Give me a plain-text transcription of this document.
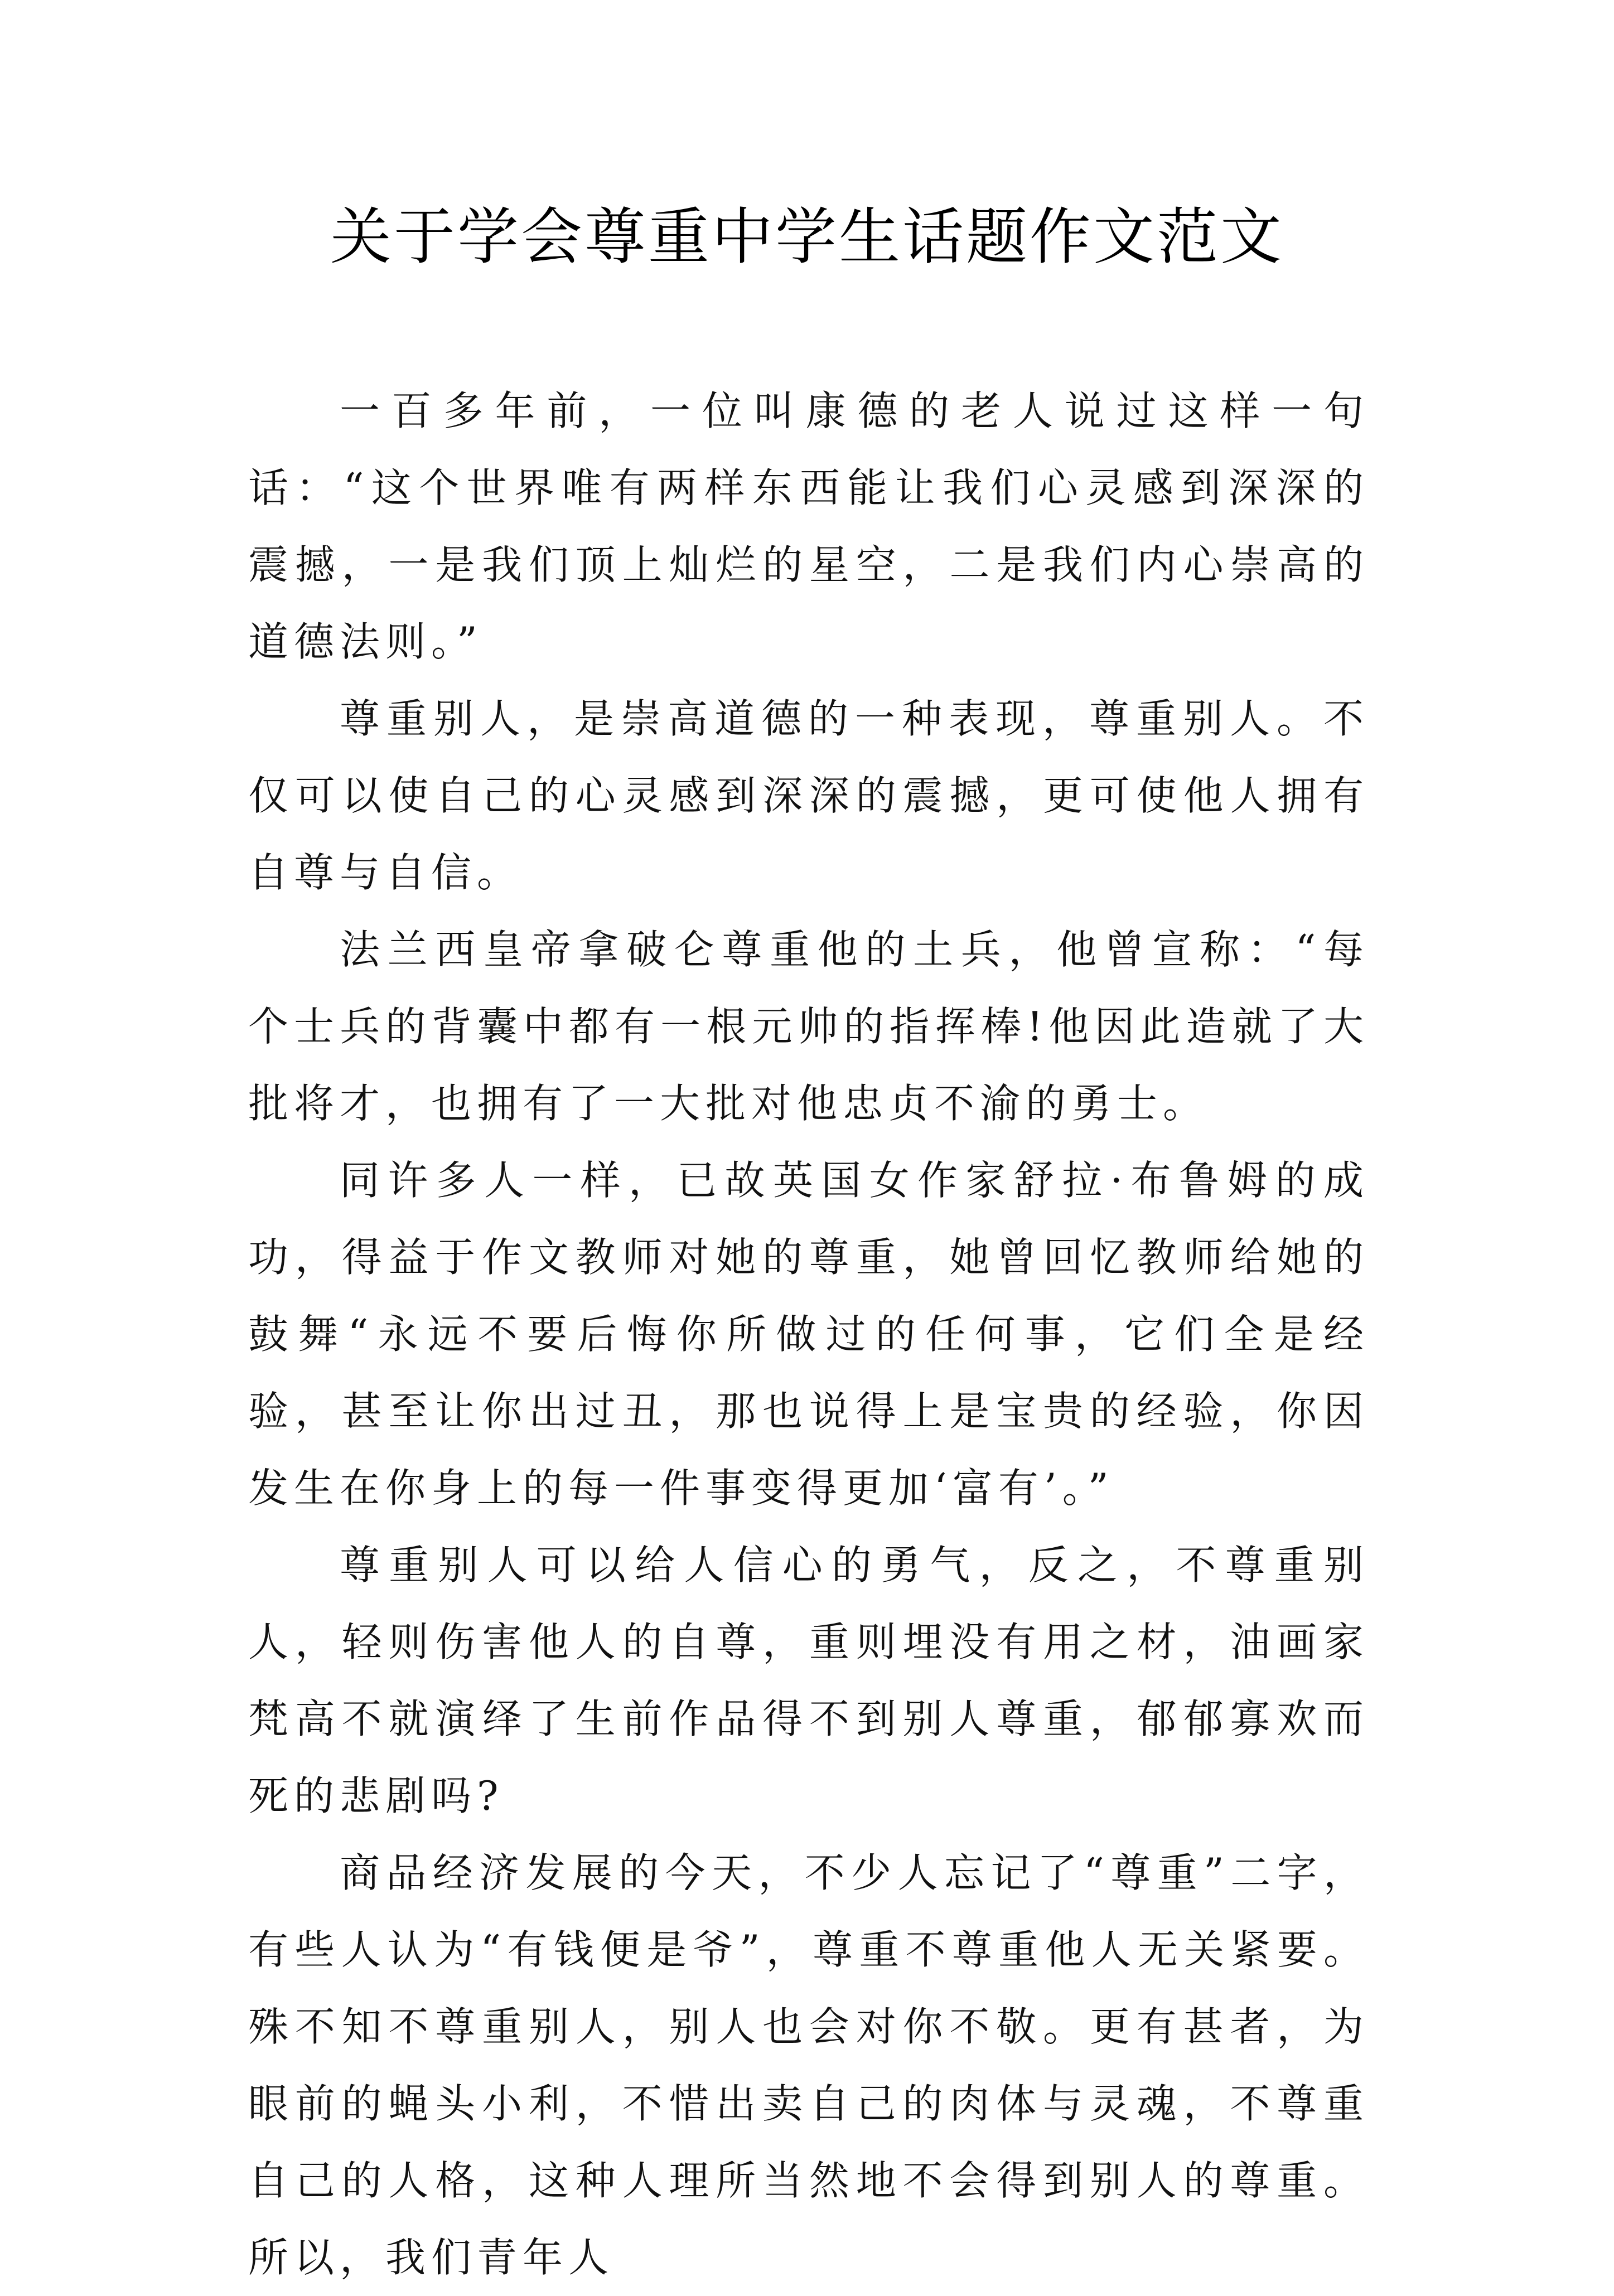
关于学会尊重中学生话题作文范文

一百多年前，一位叫康德的老人说过这样一句话：“这个世界唯有两样东西能让我们心灵感到深深的震撼，一是我们顶上灿烂的星空，二是我们内心崇高的道德法则。”

尊重别人，是崇高道德的一种表现，尊重别人。不仅可以使自己的心灵感到深深的震撼，更可使他人拥有自尊与自信。

法兰西皇帝拿破仑尊重他的土兵，他曾宣称：“每个士兵的背囊中都有一根元帅的指挥棒!他因此造就了大批将才，也拥有了一大批对他忠贞不渝的勇士。

同许多人一样，已故英国女作家舒拉·布鲁姆的成功，得益于作文教师对她的尊重，她曾回忆教师给她的鼓舞“永远不要后悔你所做过的任何事，它们全是经验，甚至让你出过丑，那也说得上是宝贵的经验，你因发生在你身上的每一件事变得更加‘富有’。”

尊重别人可以给人信心的勇气，反之，不尊重别人，轻则伤害他人的自尊，重则埋没有用之材，油画家梵高不就演绎了生前作品得不到别人尊重，郁郁寡欢而死的悲剧吗?

商品经济发展的今天，不少人忘记了“尊重”二字，有些人认为“有钱便是爷”，尊重不尊重他人无关紧要。殊不知不尊重别人，别人也会对你不敬。更有甚者，为眼前的蝇头小利，不惜出卖自己的肉体与灵魂，不尊重自己的人格，这种人理所当然地不会得到别人的尊重。所以，我们青年人
